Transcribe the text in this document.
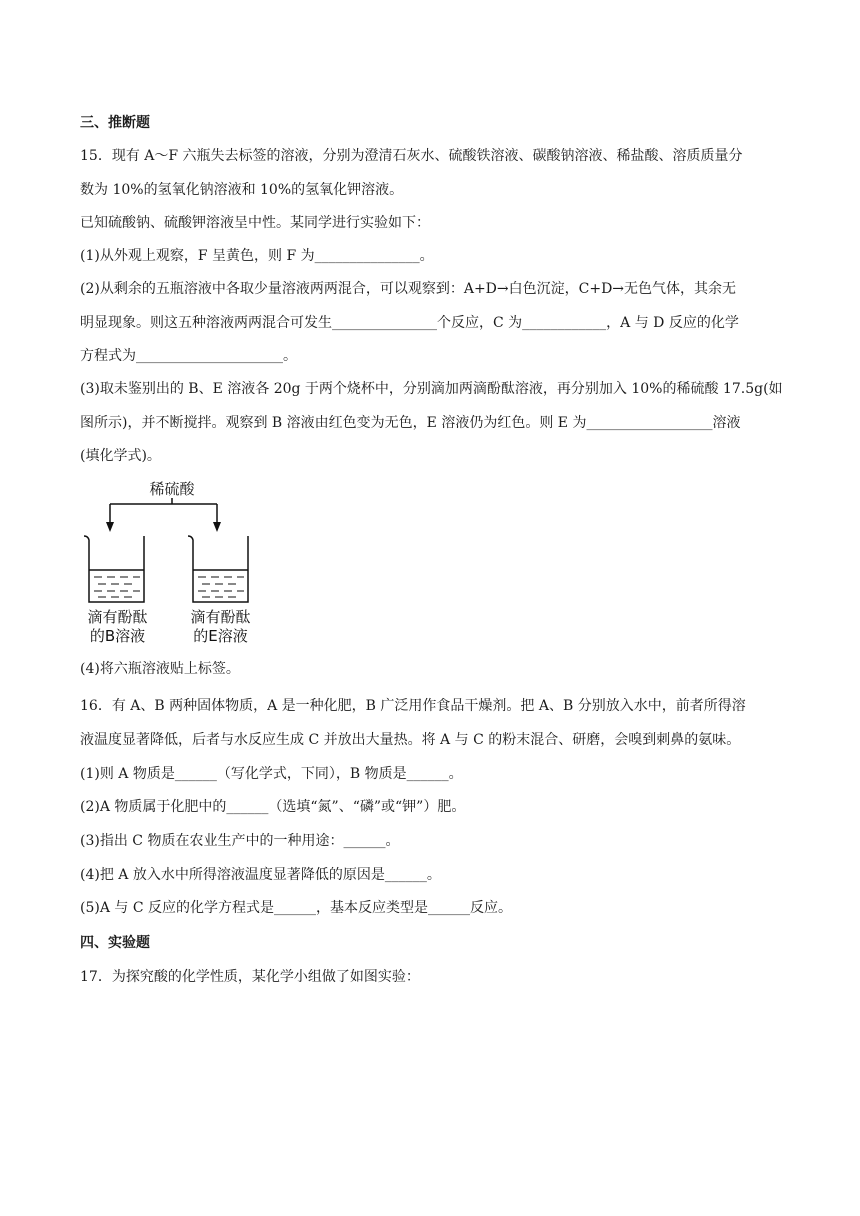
三、推断题
15．现有 A～F 六瓶失去标签的溶液，分别为澄清石灰水、硫酸铁溶液、碳酸钠溶液、稀盐酸、溶质质量分
数为 10%的氢氧化钠溶液和 10%的氢氧化钾溶液。
已知硫酸钠、硫酸钾溶液呈中性。某同学进行实验如下：
(1)从外观上观察，F 呈黄色，则 F 为_______________。
(2)从剩余的五瓶溶液中各取少量溶液两两混合，可以观察到：A+D→白色沉淀，C+D→无色气体，其余无
明显现象。则这五种溶液两两混合可发生_______________个反应，C 为____________，A 与 D 反应的化学
方程式为_____________________。
(3)取未鉴别出的 B、E 溶液各 20g 于两个烧杯中，分别滴加两滴酚酞溶液，再分别加入 10%的稀硫酸 17.5g(如
图所示)，并不断搅拌。观察到 B 溶液由红色变为无色，E 溶液仍为红色。则 E 为__________________溶液
(填化学式)。
稀硫酸
滴有酚酞
的B溶液
滴有酚酞
的E溶液
(4)将六瓶溶液贴上标签。
16．有 A、B 两种固体物质，A 是一种化肥，B 广泛用作食品干燥剂。把 A、B 分别放入水中，前者所得溶
液温度显著降低，后者与水反应生成 C 并放出大量热。将 A 与 C 的粉末混合、研磨，会嗅到刺鼻的氨味。
(1)则 A 物质是______（写化学式，下同），B 物质是______。
(2)A 物质属于化肥中的______（选填“氮”、“磷”或“钾”）肥。
(3)指出 C 物质在农业生产中的一种用途：______。
(4)把 A 放入水中所得溶液温度显著降低的原因是______。
(5)A 与 C 反应的化学方程式是______，基本反应类型是______反应。
四、实验题
17．为探究酸的化学性质，某化学小组做了如图实验：
